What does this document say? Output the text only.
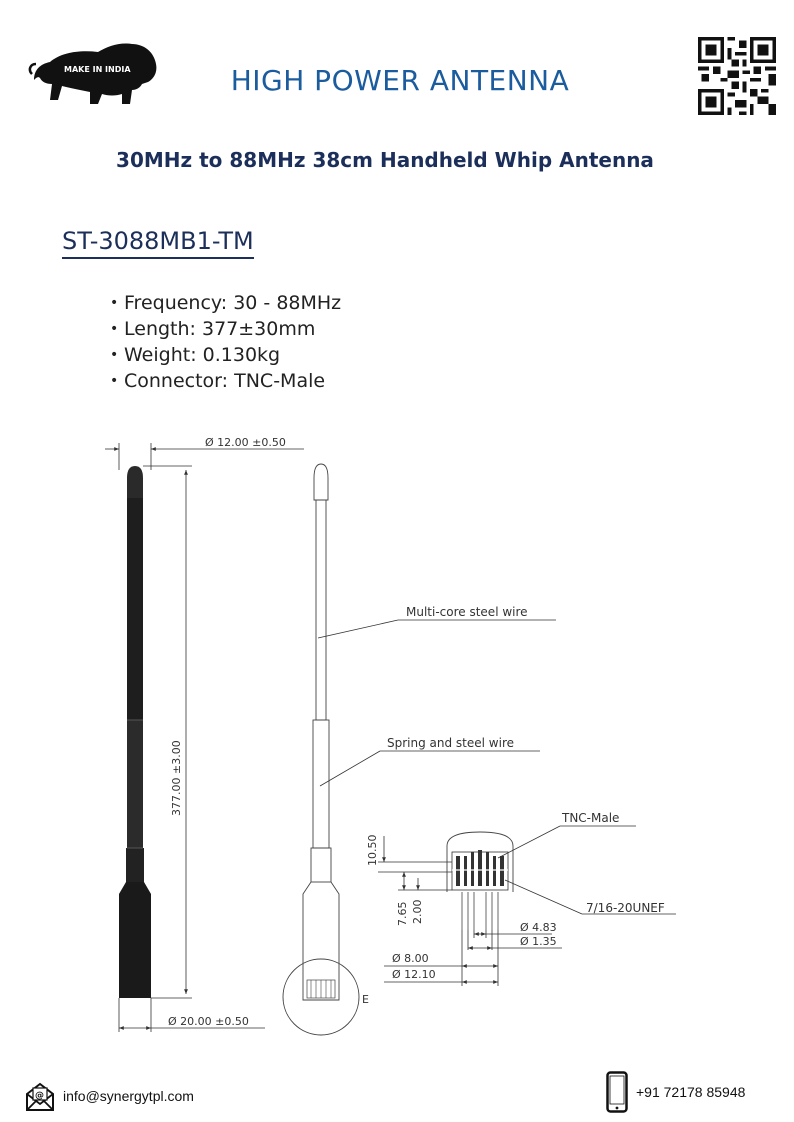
MAKE IN INDIA	HIGH POWER ANTENNA
30MHz to 88MHz 38cm Handheld Whip Antenna
ST-3088MB1-TM
• Frequency: 30 - 88MHz
• Length: 377±30mm
• Weight: 0.130kg
• Connector: TNC-Male
Ø 12.00 ±0.50
377.00 ±3.00
Ø 20.00 ±0.50
E
Multi-core steel wire
Spring and steel wire
TNC-Male
7/16-20UNEF
10.50
7.65 2.00
Ø 4.83
Ø 1.35
Ø 8.00
Ø 12.10
@ info@synergytpl.com	+91 72178 85948
